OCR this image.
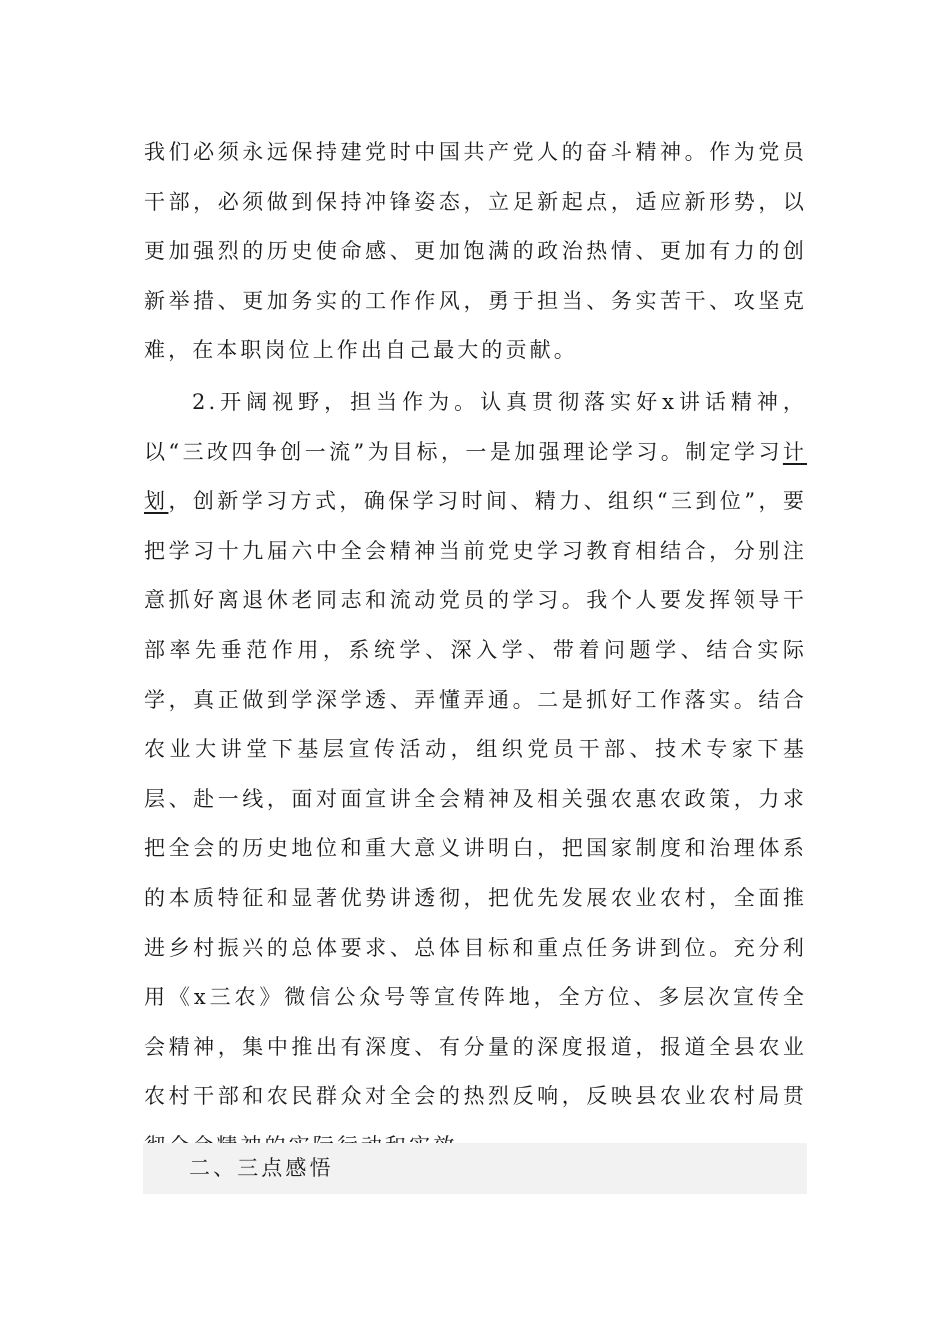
我们必须永远保持建党时中国共产党人的奋斗精神。作为党员干部，必须做到保持冲锋姿态，立足新起点，适应新形势，以更加强烈的历史使命感、更加饱满的政治热情、更加有力的创新举措、更加务实的工作作风，勇于担当、务实苦干、攻坚克难，在本职岗位上作出自己最大的贡献。

2.开阔视野，担当作为。认真贯彻落实好x讲话精神，以“三改四争创一流”为目标，一是加强理论学习。制定学习计划，创新学习方式，确保学习时间、精力、组织“三到位”，要把学习十九届六中全会精神当前党史学习教育相结合，分别注意抓好离退休老同志和流动党员的学习。我个人要发挥领导干部率先垂范作用，系统学、深入学、带着问题学、结合实际学，真正做到学深学透、弄懂弄通。二是抓好工作落实。结合农业大讲堂下基层宣传活动，组织党员干部、技术专家下基层、赴一线，面对面宣讲全会精神及相关强农惠农政策，力求把全会的历史地位和重大意义讲明白，把国家制度和治理体系的本质特征和显著优势讲透彻，把优先发展农业农村，全面推进乡村振兴的总体要求、总体目标和重点任务讲到位。充分利用《x三农》微信公众号等宣传阵地，全方位、多层次宣传全会精神，集中推出有深度、有分量的深度报道，报道全县农业农村干部和农民群众对全会的热烈反响，反映县农业农村局贯

二、三点感悟
